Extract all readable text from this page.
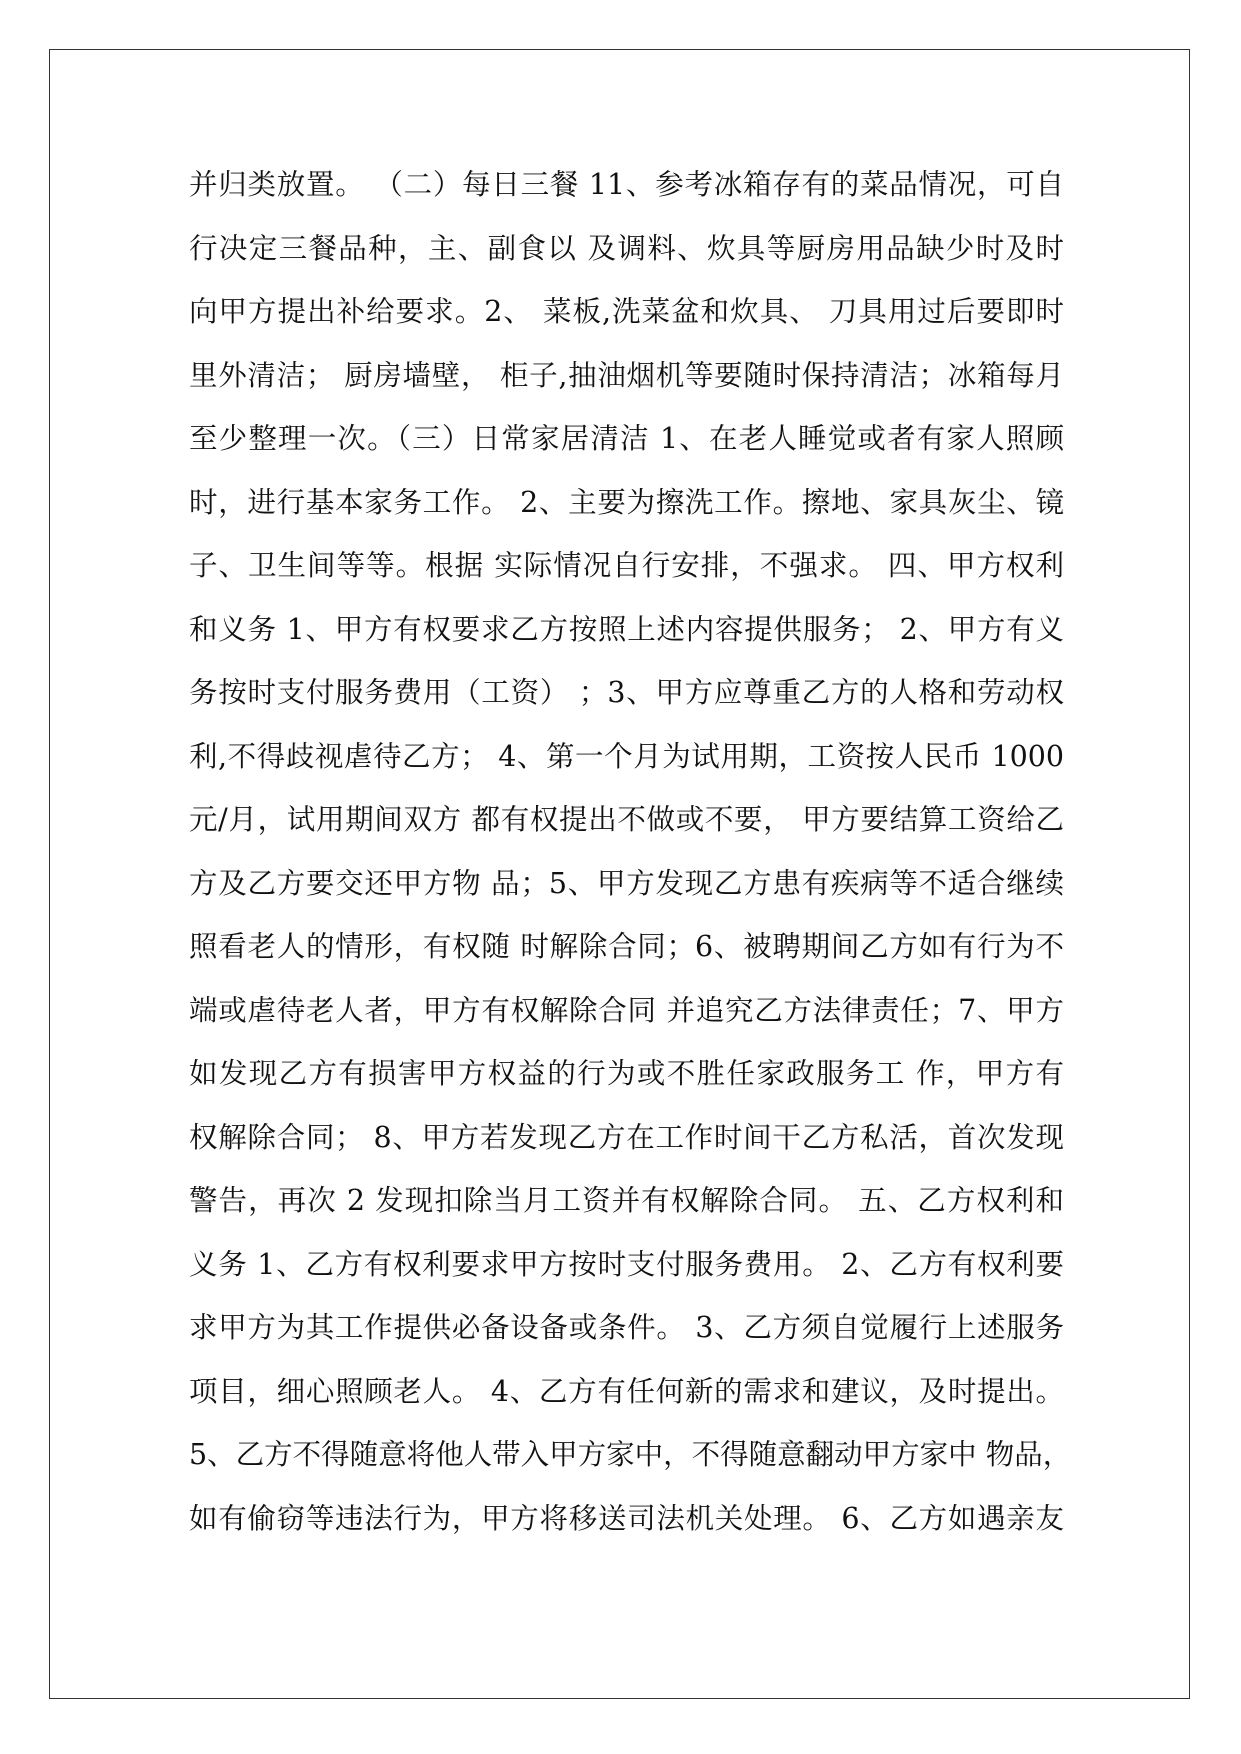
并归类放置。 （二）每日三餐 11、参考冰箱存有的菜品情况，可自
行决定三餐品种，主、副食以 及调料、炊具等厨房用品缺少时及时
向甲方提出补给要求。2、 菜板,洗菜盆和炊具、 刀具用过后要即时
里外清洁； 厨房墙壁， 柜子,抽油烟机等要随时保持清洁；冰箱每月
至少整理一次。（三）日常家居清洁 1、在老人睡觉或者有家人照顾
时，进行基本家务工作。 2、主要为擦洗工作。擦地、家具灰尘、镜
子、卫生间等等。根据 实际情况自行安排，不强求。 四、甲方权利
和义务 1、甲方有权要求乙方按照上述内容提供服务； 2、甲方有义
务按时支付服务费用（工资） ；3、甲方应尊重乙方的人格和劳动权
利,不得歧视虐待乙方； 4、第一个月为试用期，工资按人民币 1000
元/月，试用期间双方 都有权提出不做或不要， 甲方要结算工资给乙
方及乙方要交还甲方物 品；5、甲方发现乙方患有疾病等不适合继续
照看老人的情形，有权随 时解除合同；6、被聘期间乙方如有行为不
端或虐待老人者，甲方有权解除合同 并追究乙方法律责任；7、甲方
如发现乙方有损害甲方权益的行为或不胜任家政服务工 作，甲方有
权解除合同； 8、甲方若发现乙方在工作时间干乙方私活，首次发现
警告，再次 2 发现扣除当月工资并有权解除合同。 五、乙方权利和
义务 1、乙方有权利要求甲方按时支付服务费用。 2、乙方有权利要
求甲方为其工作提供必备设备或条件。 3、乙方须自觉履行上述服务
项目，细心照顾老人。 4、乙方有任何新的需求和建议，及时提出。
5、乙方不得随意将他人带入甲方家中，不得随意翻动甲方家中 物品，
如有偷窃等违法行为，甲方将移送司法机关处理。 6、乙方如遇亲友
